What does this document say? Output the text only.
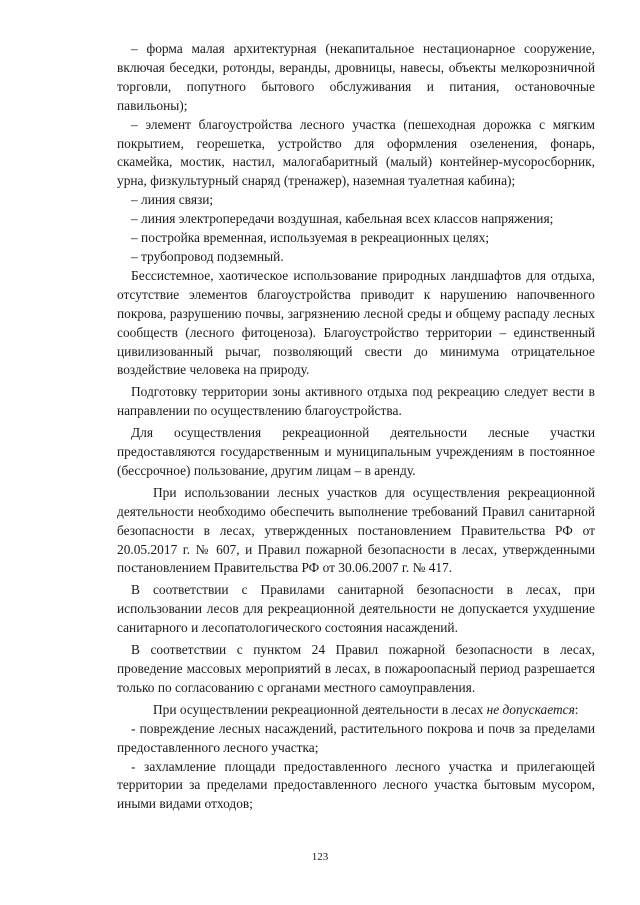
– форма малая архитектурная (некапитальное нестационарное сооружение, включая беседки, ротонды, веранды, дровницы, навесы, объекты мелкорозничной торговли, попутного бытового обслуживания и питания, остановочные павильоны);

– элемент благоустройства лесного участка (пешеходная дорожка с мягким покрытием, георешетка, устройство для оформления озеленения, фонарь, скамейка, мостик, настил, малогабаритный (малый) контейнер-мусоросборник, урна, физкультурный снаряд (тренажер), наземная туалетная кабина);

– линия связи;

– линия электропередачи воздушная, кабельная всех классов напряжения;

– постройка временная, используемая в рекреационных целях;

– трубопровод подземный.

Бессистемное, хаотическое использование природных ландшафтов для отдыха, отсутствие элементов благоустройства приводит к нарушению напочвенного покрова, разрушению почвы, загрязнению лесной среды и общему распаду лесных сообществ (лесного фитоценоза). Благоустройство территории – единственный цивилизованный рычаг, позволяющий свести до минимума отрицательное воздействие человека на природу.

Подготовку территории зоны активного отдыха под рекреацию следует вести в направлении по осуществлению благоустройства.

Для осуществления рекреационной деятельности лесные участки предоставляются государственным и муниципальным учреждениям в постоянное (бессрочное) пользование, другим лицам – в аренду.

При использовании лесных участков для осуществления рекреационной деятельности необходимо обеспечить выполнение требований Правил санитарной безопасности в лесах, утвержденных постановлением Правительства РФ от 20.05.2017 г. № 607, и Правил пожарной безопасности в лесах, утвержденными постановлением Правительства РФ от 30.06.2007 г. № 417.

В соответствии с Правилами санитарной безопасности в лесах, при использовании лесов для рекреационной деятельности не допускается ухудшение санитарного и лесопатологического состояния насаждений.

В соответствии с пунктом 24 Правил пожарной безопасности в лесах, проведение массовых мероприятий в лесах, в пожароопасный период разрешается только по согласованию с органами местного самоуправления.

При осуществлении рекреационной деятельности в лесах не допускается:

- повреждение лесных насаждений, растительного покрова и почв за пределами предоставленного лесного участка;

- захламление площади предоставленного лесного участка и прилегающей территории за пределами предоставленного лесного участка бытовым мусором, иными видами отходов;

123
